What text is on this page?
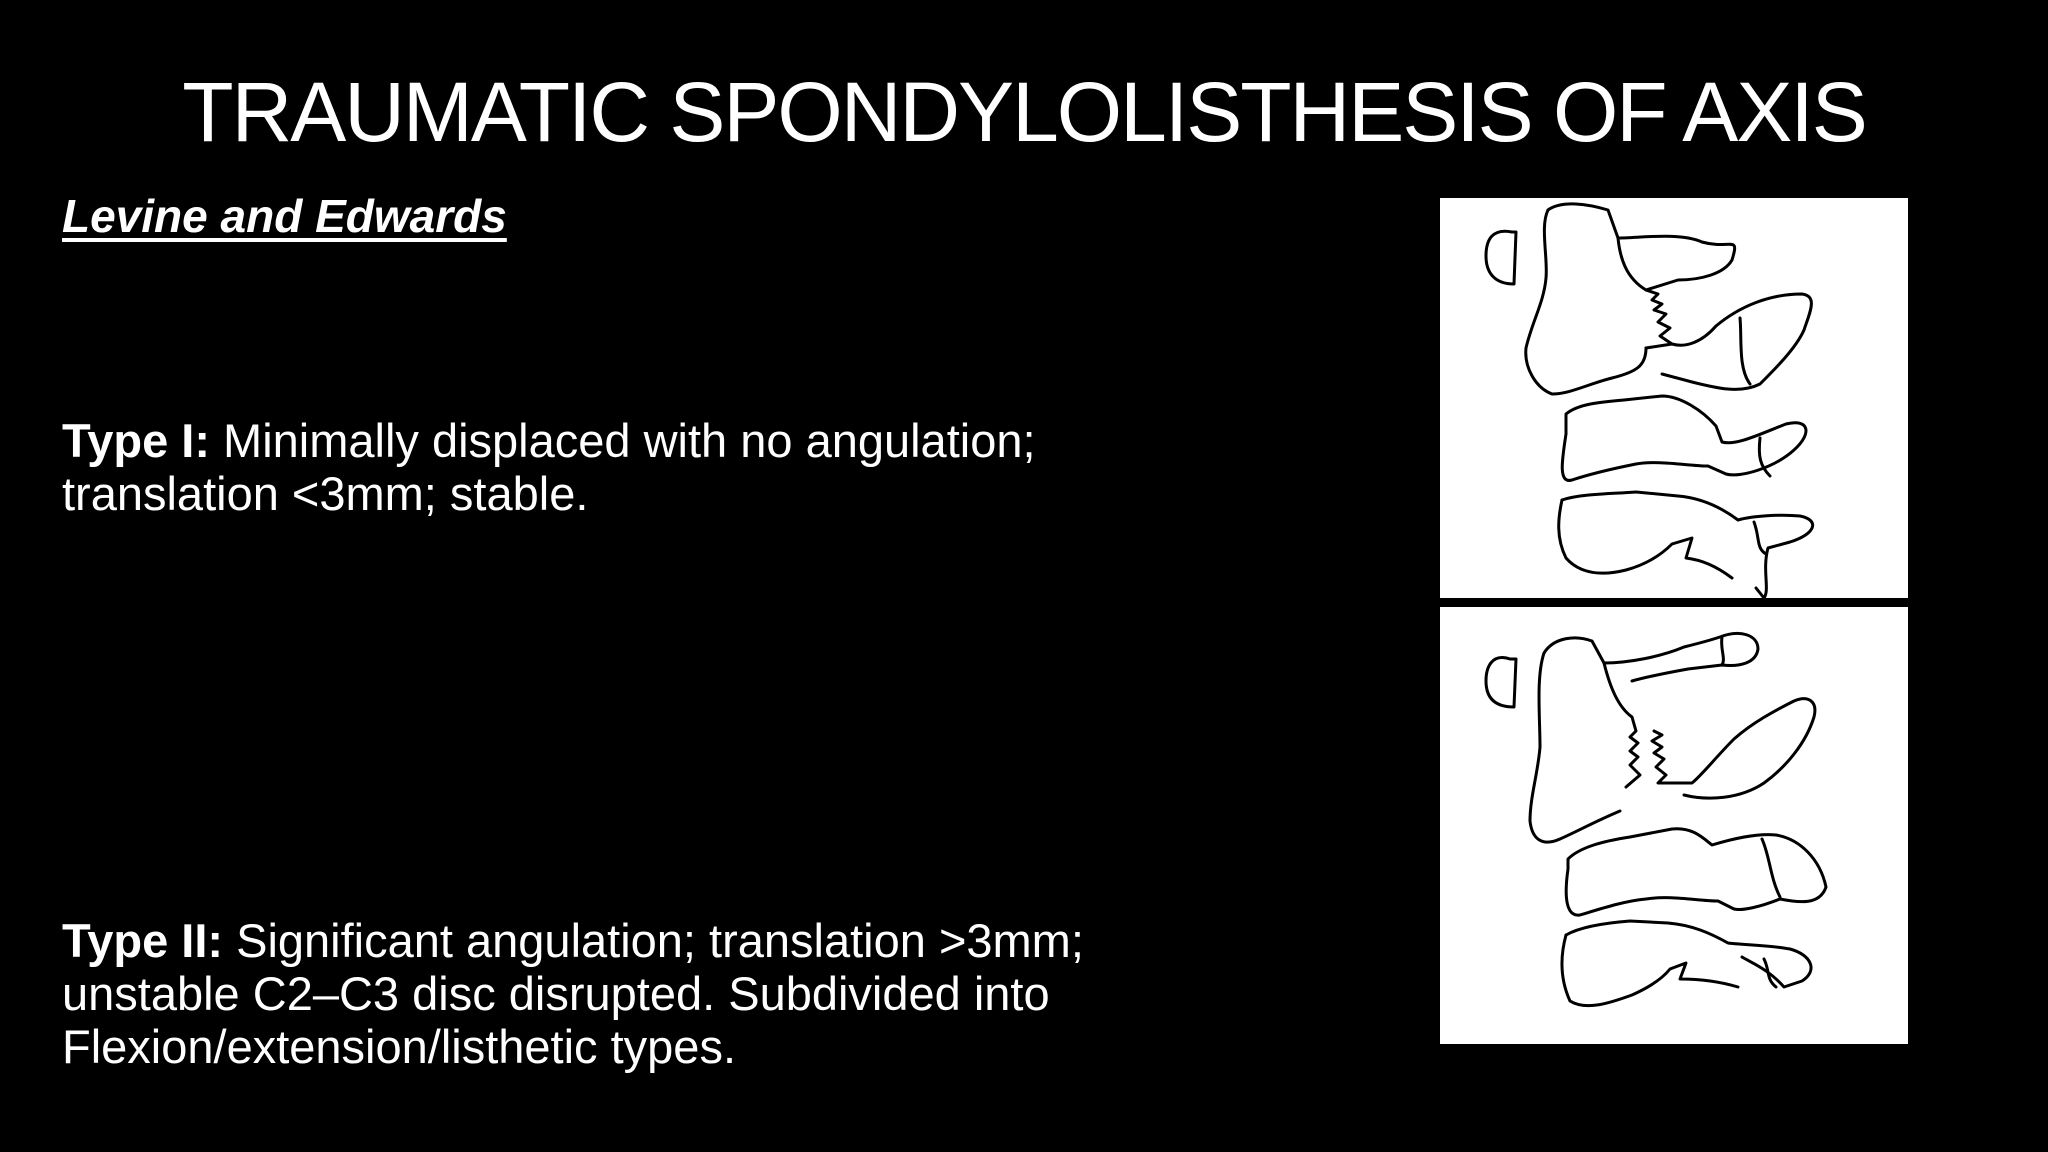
TRAUMATIC SPONDYLOLISTHESIS OF AXIS
Levine and Edwards
Type I: Minimally displaced with no angulation; translation <3mm; stable.
Type II: Significant angulation; translation >3mm; unstable C2–C3 disc disrupted. Subdivided into Flexion/extension/listhetic types.
